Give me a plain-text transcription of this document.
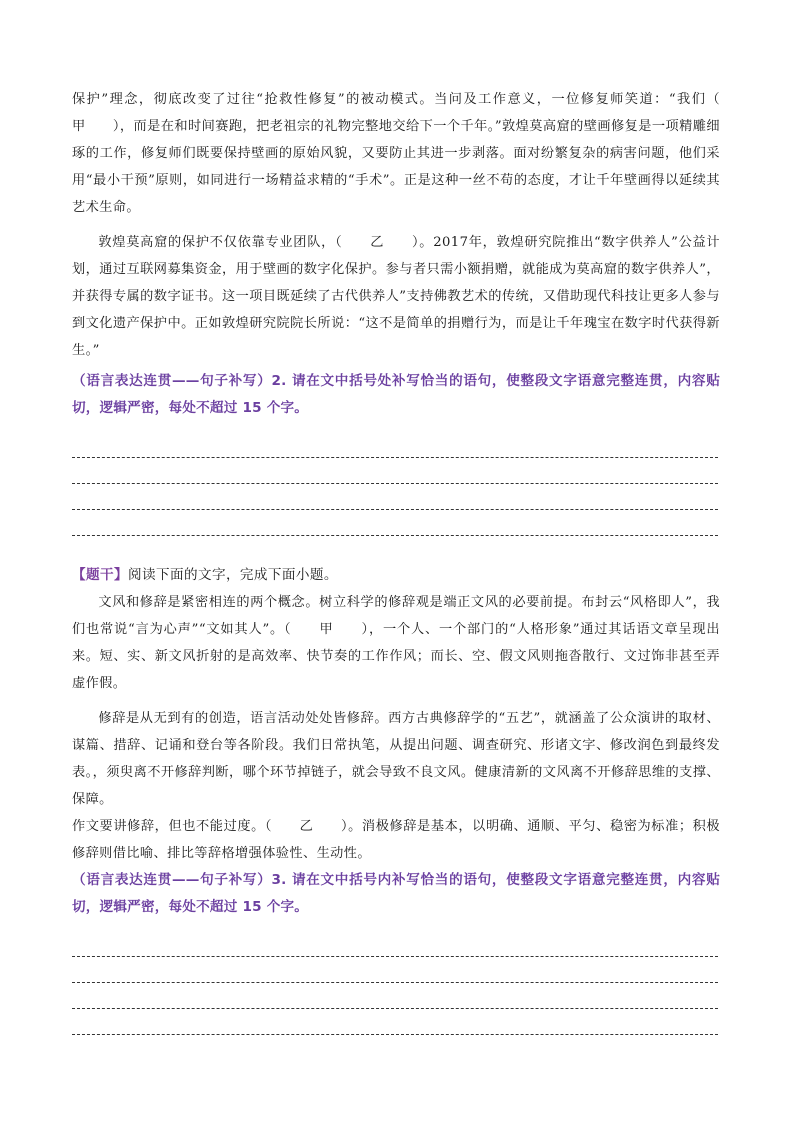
保护”理念，彻底改变了过往“抢救性修复”的被动模式。当问及工作意义，一位修复师笑道：“我们（　　甲　　），而是在和时间赛跑，把老祖宗的礼物完整地交给下一个千年。”敦煌莫高窟的壁画修复是一项精雕细琢的工作，修复师们既要保持壁画的原始风貌，又要防止其进一步剥落。面对纷繁复杂的病害问题，他们采用“最小干预”原则，如同进行一场精益求精的“手术”。正是这种一丝不苟的态度，才让千年壁画得以延续其艺术生命。

敦煌莫高窟的保护不仅依靠专业团队，（　　乙　　）。2017年，敦煌研究院推出“数字供养人”公益计划，通过互联网募集资金，用于壁画的数字化保护。参与者只需小额捐赠，就能成为莫高窟的数字供养人”，并获得专属的数字证书。这一项目既延续了古代供养人”支持佛教艺术的传统，又借助现代科技让更多人参与到文化遗产保护中。正如敦煌研究院院长所说：“这不是简单的捐赠行为，而是让千年瑰宝在数字时代获得新生。”

（语言表达连贯——句子补写）2. 请在文中括号处补写恰当的语句，使整段文字语意完整连贯，内容贴切，逻辑严密，每处不超过 15 个字。

【题干】阅读下面的文字，完成下面小题。

文风和修辞是紧密相连的两个概念。树立科学的修辞观是端正文风的必要前提。布封云“风格即人”，我们也常说“言为心声”“文如其人”。（　　甲　　），一个人、一个部门的“人格形象”通过其话语文章呈现出来。短、实、新文风折射的是高效率、快节奏的工作作风；而长、空、假文风则拖沓散行、文过饰非甚至弄虚作假。

修辞是从无到有的创造，语言活动处处皆修辞。西方古典修辞学的“五艺”，就涵盖了公众演讲的取材、谋篇、措辞、记诵和登台等各阶段。我们日常执笔，从提出问题、调查研究、形诸文字、修改润色到最终发表。，须臾离不开修辞判断，哪个环节掉链子，就会导致不良文风。健康清新的文风离不开修辞思维的支撑、保障。

作文要讲修辞，但也不能过度。（　　乙　　）。消极修辞是基本，以明确、通顺、平匀、稳密为标准；积极修辞则借比喻、排比等辞格增强体验性、生动性。

（语言表达连贯——句子补写）3. 请在文中括号内补写恰当的语句，使整段文字语意完整连贯，内容贴切，逻辑严密，每处不超过 15 个字。
